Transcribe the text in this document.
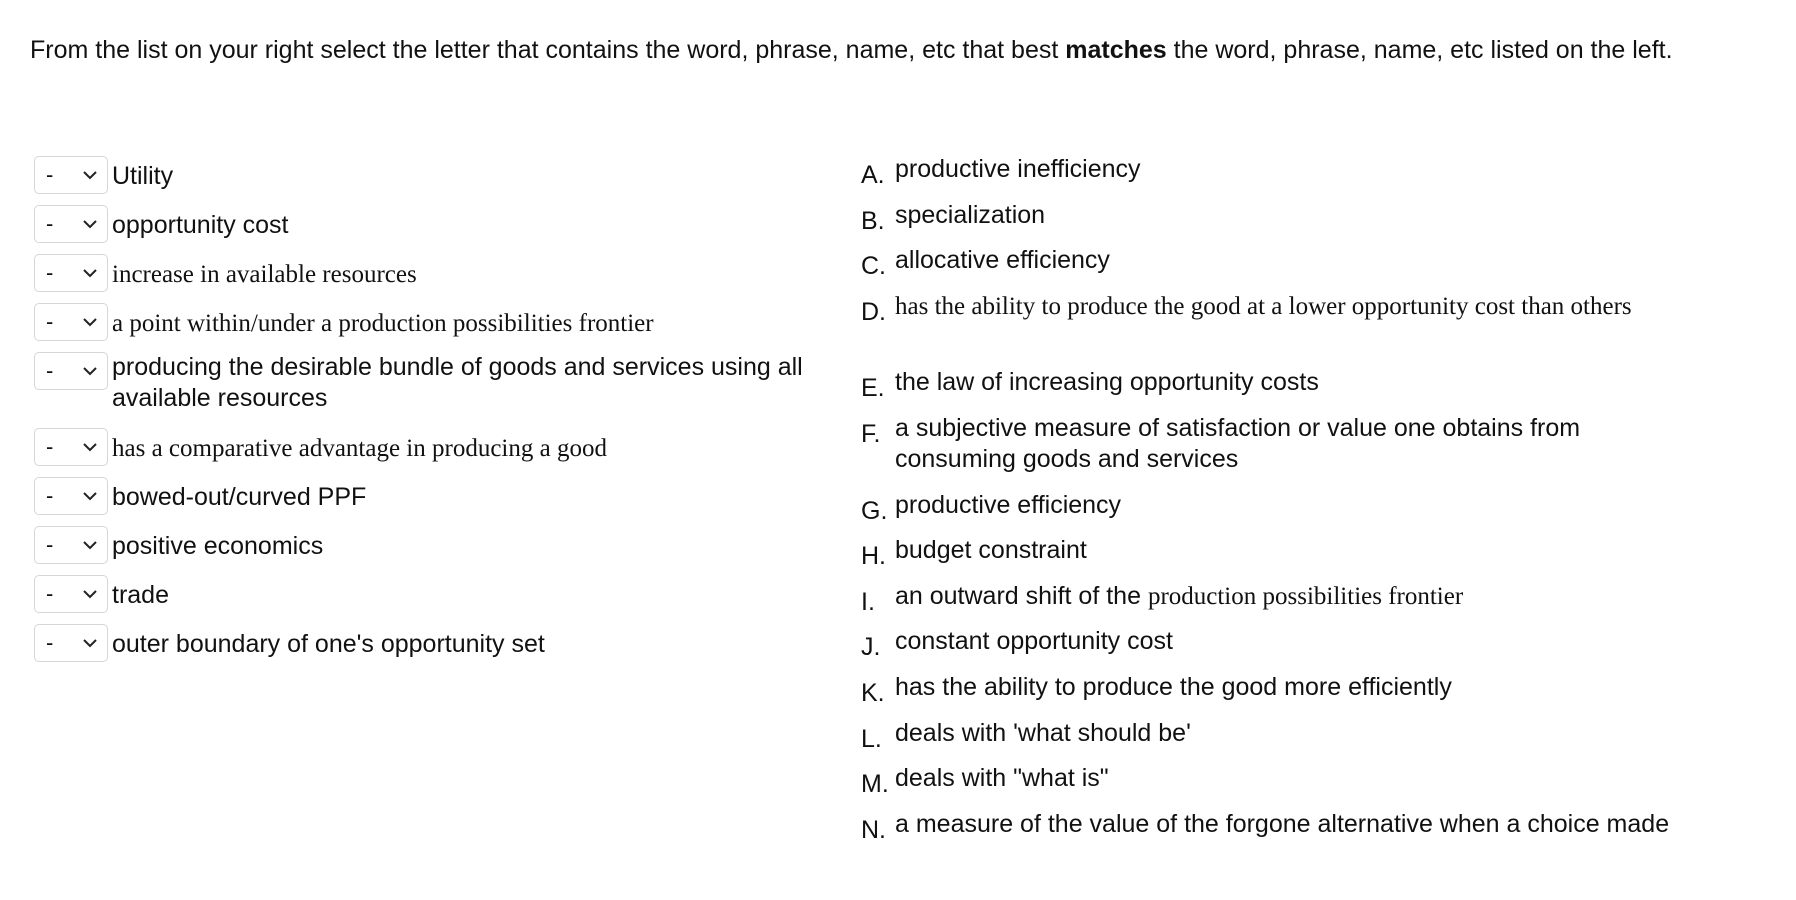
From the list on your right select the letter that contains the word, phrase, name, etc that best matches the word, phrase, name, etc listed on the left.
- Utility
- opportunity cost
- increase in available resources
- a point within/under a production possibilities frontier
- producing the desirable bundle of goods and services using all available resources
- has a comparative advantage in producing a good
- bowed-out/curved PPF
- positive economics
- trade
- outer boundary of one's opportunity set
A. productive inefficiency
B. specialization
C. allocative efficiency
D. has the ability to produce the good at a lower opportunity cost than others
E. the law of increasing opportunity costs
F. a subjective measure of satisfaction or value one obtains from consuming goods and services
G. productive efficiency
H. budget constraint
I. an outward shift of the production possibilities frontier
J. constant opportunity cost
K. has the ability to produce the good more efficiently
L. deals with 'what should be'
M. deals with "what is"
N. a measure of the value of the forgone alternative when a choice made
